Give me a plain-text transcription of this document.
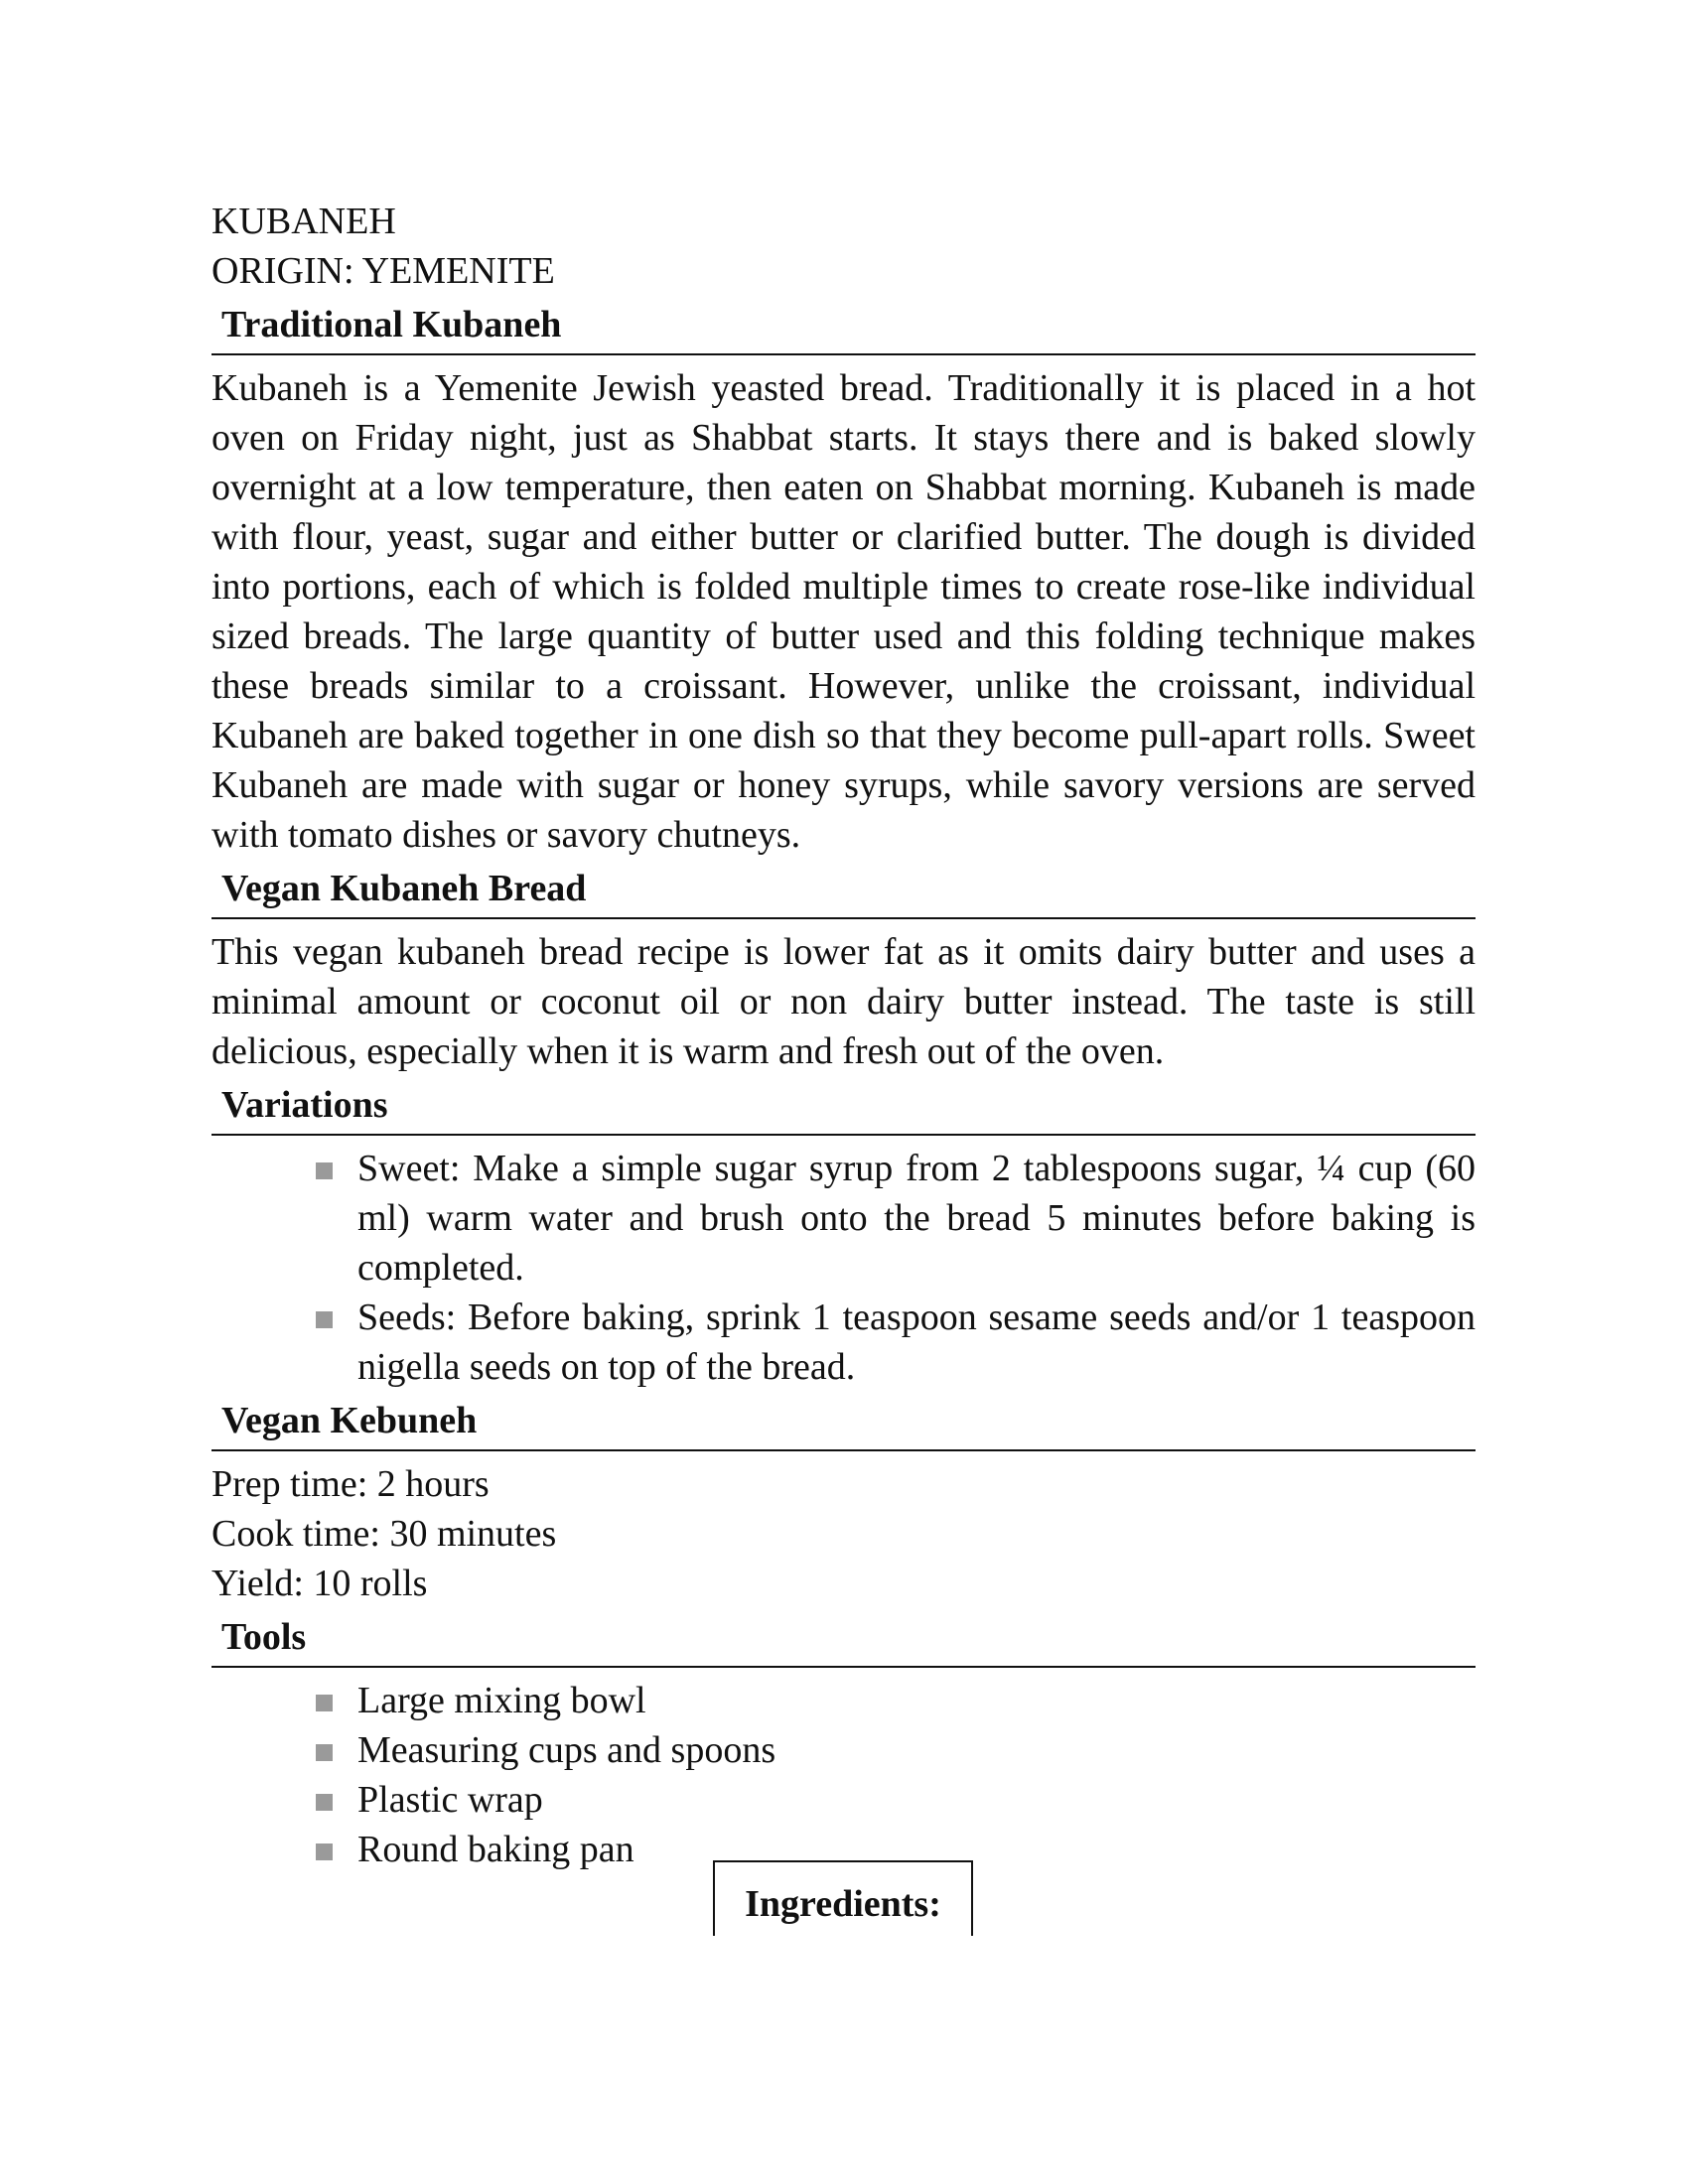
KUBANEH

ORIGIN: YEMENITE

Traditional Kubaneh

Kubaneh is a Yemenite Jewish yeasted bread. Traditionally it is placed in a hot oven on Friday night, just as Shabbat starts. It stays there and is baked slowly overnight at a low temperature, then eaten on Shabbat morning. Kubaneh is made with flour, yeast, sugar and either butter or clarified butter. The dough is divided into portions, each of which is folded multiple times to create rose-like individual sized breads. The large quantity of butter used and this folding technique makes these breads similar to a croissant. However, unlike the croissant, individual Kubaneh are baked together in one dish so that they become pull-apart rolls. Sweet Kubaneh are made with sugar or honey syrups, while savory versions are served with tomato dishes or savory chutneys.

Vegan Kubaneh Bread

This vegan kubaneh bread recipe is lower fat as it omits dairy butter and uses a minimal amount or coconut oil or non dairy butter instead. The taste is still delicious, especially when it is warm and fresh out of the oven.

Variations
Sweet: Make a simple sugar syrup from 2 tablespoons sugar, ¼ cup (60 ml) warm water and brush onto the bread 5 minutes before baking is completed.
Seeds: Before baking, sprink 1 teaspoon sesame seeds and/or 1 teaspoon nigella seeds on top of the bread.
Vegan Kebuneh

Prep time: 2 hours

Cook time: 30 minutes

Yield: 10 rolls

Tools
Large mixing bowl
Measuring cups and spoons
Plastic wrap
Round baking pan
Ingredients:
